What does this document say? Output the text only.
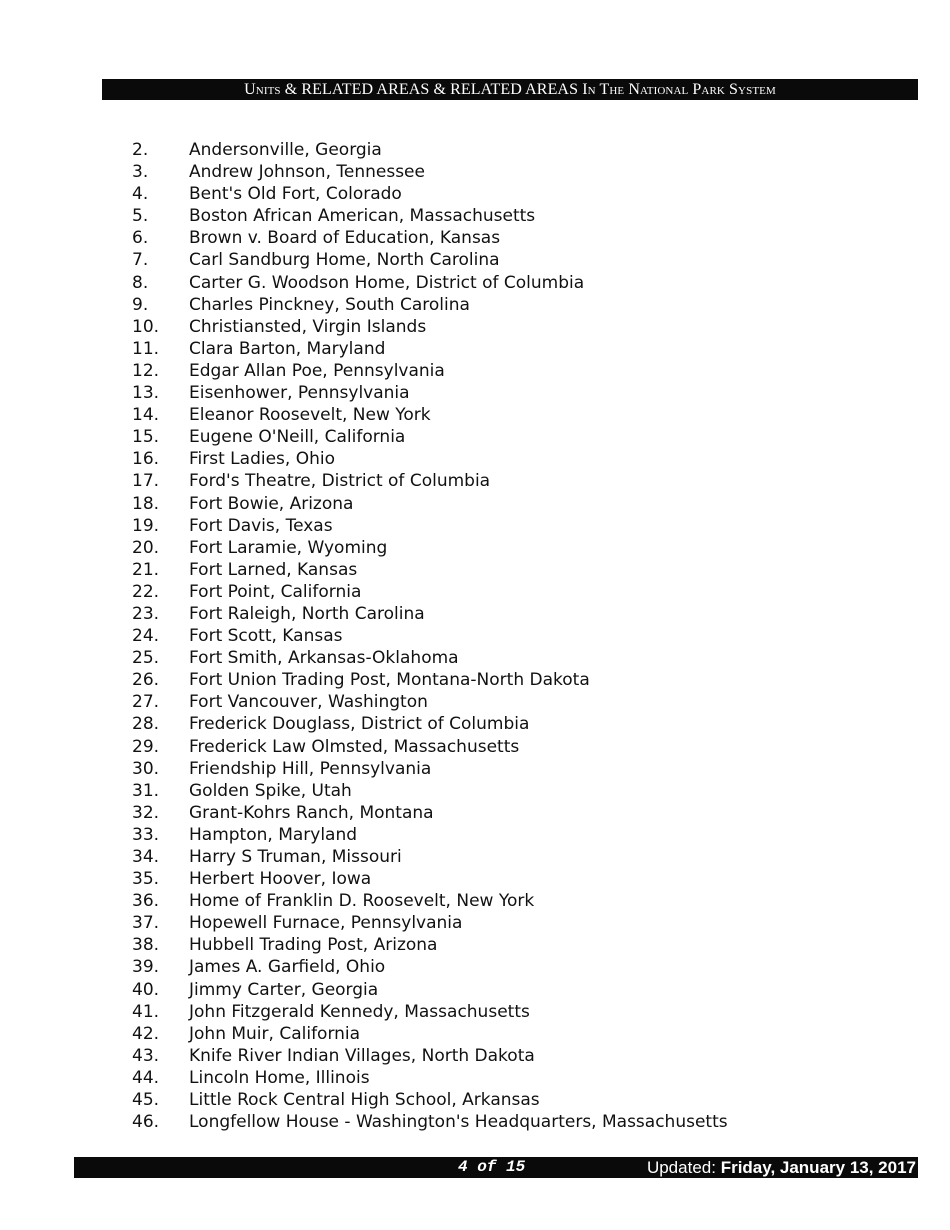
Units & RELATED AREAS & RELATED AREAS In The National Park System
2. Andersonville, Georgia
3. Andrew Johnson, Tennessee
4. Bent's Old Fort, Colorado
5. Boston African American, Massachusetts
6. Brown v. Board of Education, Kansas
7. Carl Sandburg Home, North Carolina
8. Carter G. Woodson Home, District of Columbia
9. Charles Pinckney, South Carolina
10. Christiansted, Virgin Islands
11. Clara Barton, Maryland
12. Edgar Allan Poe, Pennsylvania
13. Eisenhower, Pennsylvania
14. Eleanor Roosevelt, New York
15. Eugene O'Neill, California
16. First Ladies, Ohio
17. Ford's Theatre, District of Columbia
18. Fort Bowie, Arizona
19. Fort Davis, Texas
20. Fort Laramie, Wyoming
21. Fort Larned, Kansas
22. Fort Point, California
23. Fort Raleigh, North Carolina
24. Fort Scott, Kansas
25. Fort Smith, Arkansas-Oklahoma
26. Fort Union Trading Post, Montana-North Dakota
27. Fort Vancouver, Washington
28. Frederick Douglass, District of Columbia
29. Frederick Law Olmsted, Massachusetts
30. Friendship Hill, Pennsylvania
31. Golden Spike, Utah
32. Grant-Kohrs Ranch, Montana
33. Hampton, Maryland
34. Harry S Truman, Missouri
35. Herbert Hoover, Iowa
36. Home of Franklin D. Roosevelt, New York
37. Hopewell Furnace, Pennsylvania
38. Hubbell Trading Post, Arizona
39. James A. Garfield, Ohio
40. Jimmy Carter, Georgia
41. John Fitzgerald Kennedy, Massachusetts
42. John Muir, California
43. Knife River Indian Villages, North Dakota
44. Lincoln Home, Illinois
45. Little Rock Central High School, Arkansas
46. Longfellow House - Washington's Headquarters, Massachusetts
4 of 15	Updated: Friday, January 13, 2017
